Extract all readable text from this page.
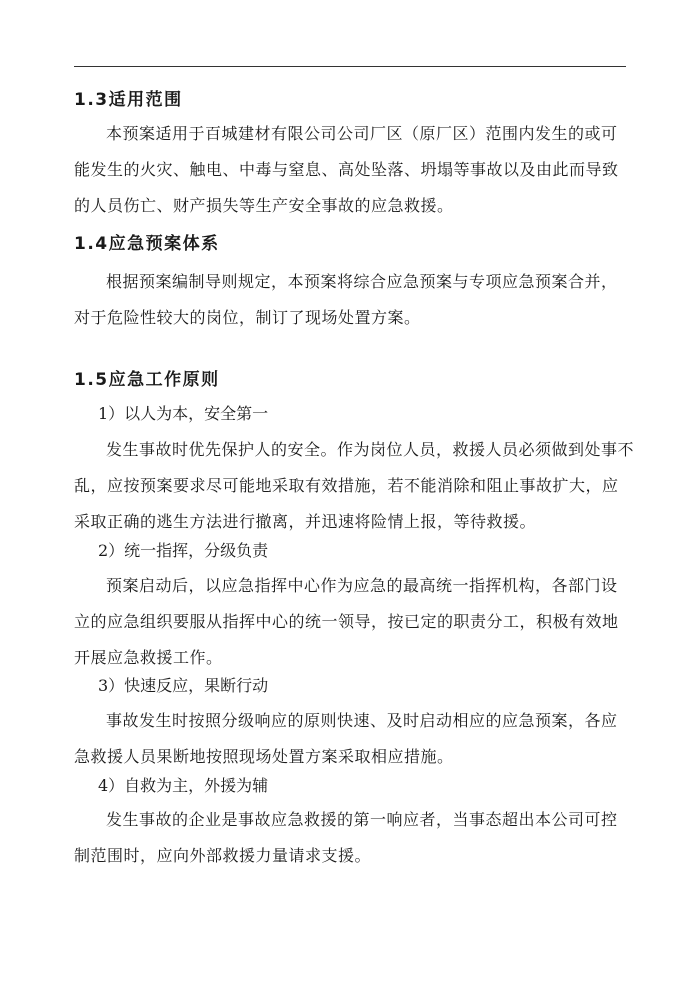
1.3适用范围
本预案适用于百城建材有限公司公司厂区（原厂区）范围内发生的或可
能发生的火灾、触电、中毒与窒息、高处坠落、坍塌等事故以及由此而导致
的人员伤亡、财产损失等生产安全事故的应急救援。
1.4应急预案体系
根据预案编制导则规定，本预案将综合应急预案与专项应急预案合并，
对于危险性较大的岗位，制订了现场处置方案。
1.5应急工作原则
1）以人为本，安全第一
发生事故时优先保护人的安全。作为岗位人员，救援人员必须做到处事不
乱，应按预案要求尽可能地采取有效措施，若不能消除和阻止事故扩大，应
采取正确的逃生方法进行撤离，并迅速将险情上报，等待救援。
2）统一指挥，分级负责
预案启动后，以应急指挥中心作为应急的最高统一指挥机构，各部门设
立的应急组织要服从指挥中心的统一领导，按已定的职责分工，积极有效地
开展应急救援工作。
3）快速反应，果断行动
事故发生时按照分级响应的原则快速、及时启动相应的应急预案，各应
急救援人员果断地按照现场处置方案采取相应措施。
4）自救为主，外援为辅
发生事故的企业是事故应急救援的第一响应者，当事态超出本公司可控
制范围时，应向外部救援力量请求支援。
